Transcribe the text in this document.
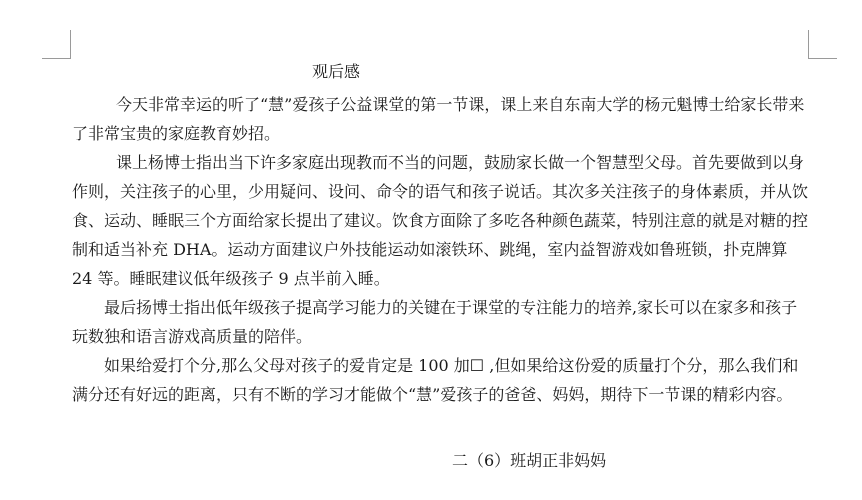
观后感

今天非常幸运的听了“慧”爱孩子公益课堂的第一节课，课上来自东南大学的杨元魁博士给家长带来了非常宝贵的家庭教育妙招。

课上杨博士指出当下许多家庭出现教而不当的问题，鼓励家长做一个智慧型父母。首先要做到以身作则，关注孩子的心里，少用疑问、设问、命令的语气和孩子说话。其次多关注孩子的身体素质，并从饮食、运动、睡眠三个方面给家长提出了建议。饮食方面除了多吃各种颜色蔬菜，特别注意的就是对糖的控制和适当补充 DHA。运动方面建议户外技能运动如滚铁环、跳绳，室内益智游戏如鲁班锁，扑克牌算 24 等。睡眠建议低年级孩子 9 点半前入睡。

最后扬博士指出低年级孩子提高学习能力的关键在于课堂的专注能力的培养,家长可以在家多和孩子玩数独和语言游戏高质量的陪伴。

如果给爱打个分,那么父母对孩子的爱肯定是 100 加☐ ,但如果给这份爱的质量打个分，那么我们和满分还有好远的距离，只有不断的学习才能做个“慧”爱孩子的爸爸、妈妈，期待下一节课的精彩内容。

二（6）班胡正非妈妈
